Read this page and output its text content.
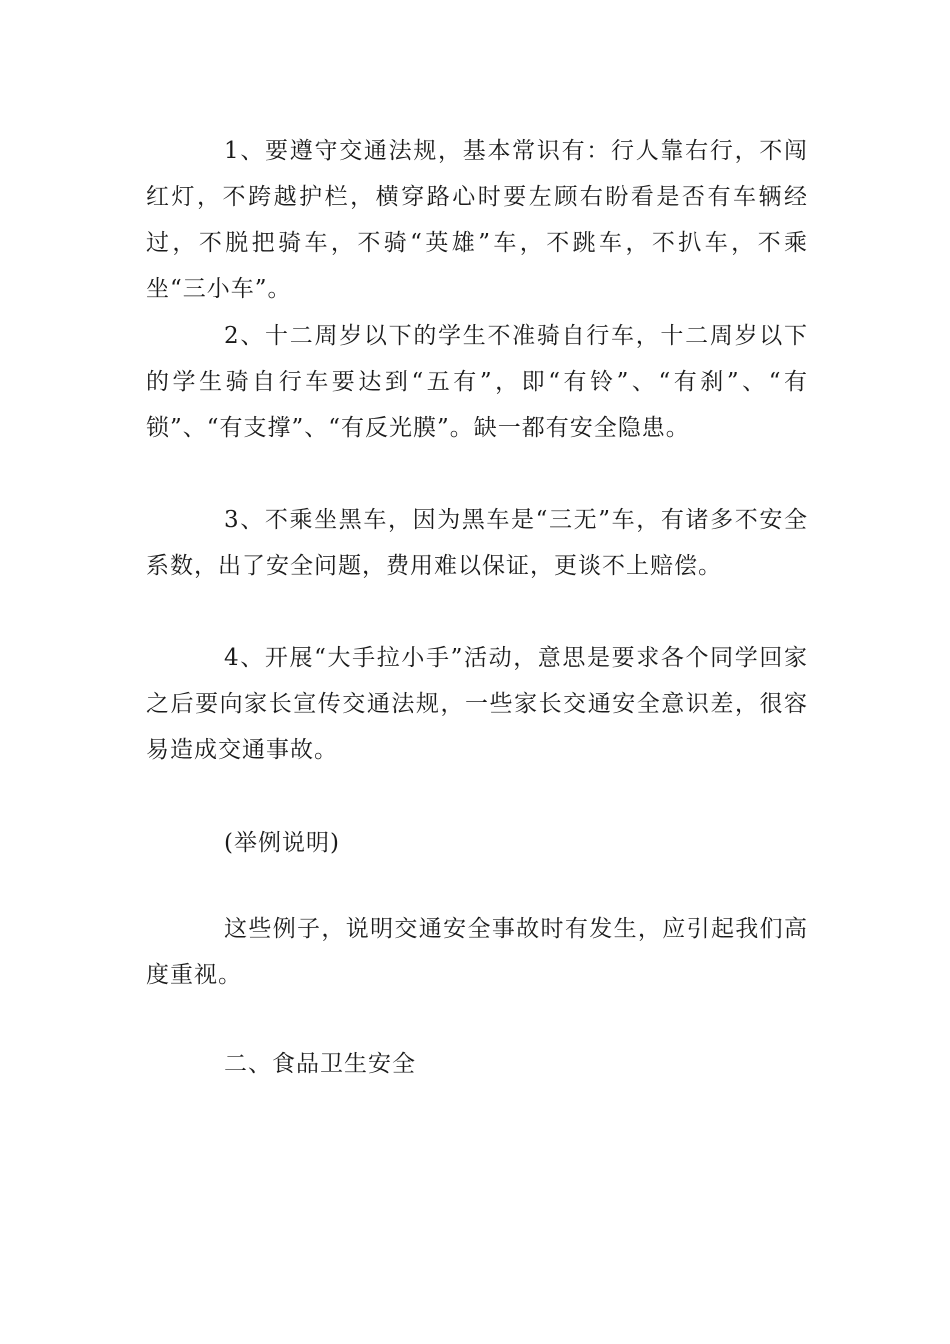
1、要遵守交通法规，基本常识有：行人靠右行，不闯红灯，不跨越护栏，横穿路心时要左顾右盼看是否有车辆经过，不脱把骑车，不骑“英雄”车，不跳车，不扒车，不乘坐“三小车”。

2、十二周岁以下的学生不准骑自行车，十二周岁以下的学生骑自行车要达到“五有”，即“有铃”、“有刹”、“有锁”、“有支撑”、“有反光膜”。缺一都有安全隐患。

3、不乘坐黑车，因为黑车是“三无”车，有诸多不安全系数，出了安全问题，费用难以保证，更谈不上赔偿。

4、开展“大手拉小手”活动，意思是要求各个同学回家之后要向家长宣传交通法规，一些家长交通安全意识差，很容易造成交通事故。

(举例说明)

这些例子，说明交通安全事故时有发生，应引起我们高度重视。

二、食品卫生安全
